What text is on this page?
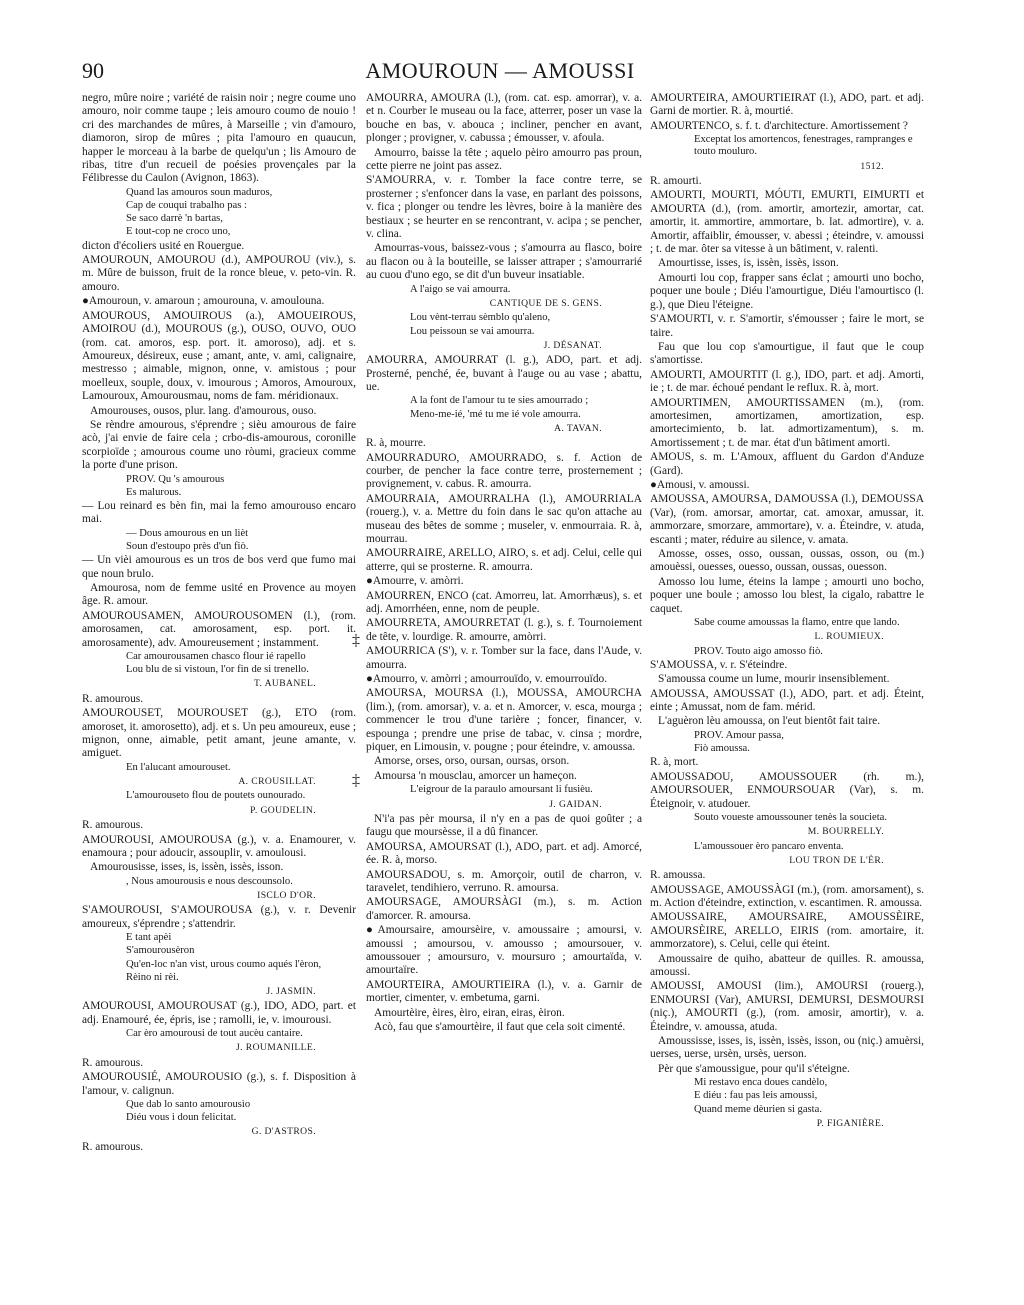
90	AMOUROUN — AMOUSSI
negro, mûre noire ; variété de raisin noir ; negre coume uno amouro, noir comme taupe ; leis amouro coumo de nouio ! cri des marchandes de mûres, à Marseille ; vin d'amouro, diamoron, sirop de mûres ; pita l'amouro en quaucun, happer le morceau à la barbe de quelqu'un ; lis Amouro de ribas, titre d'un recueil de poésies provençales par la Félibresse du Caulon (Avignon, 1863).
Quand las amouros soun maduros,
Cap de couqui trabalho pas :
Se saco darrè 'n bartas,
E tout-cop ne croco uno,
dicton d'écoliers usité en Rouergue.
AMOUROUN, AMOUROU (d.), AMPOUROU (viv.), s. m. Mûre de buisson, fruit de la ronce bleue, v. peto-vin. R. amouro.
●Amouroun, v. amaroun ; amourouna, v. amoulouna.
AMOUROUS, AMOUIROUS (a.), AMOUEIROUS, AMOIROU (d.), MOUROUS (g.), OUSO, OUVO, OUO (rom. cat. amoros, esp. port. it. amoroso), adj. et s. Amoureux, désireux, euse ; amant, ante, v. ami, calignaire, mestresso ; aimable, mignon, onne, v. amistous ; pour moelleux, souple, doux, v. imourous ; Amoros, Amouroux, Lamouroux, Amourousmau, noms de fam. méridionaux.
Amourouses, ousos, plur. lang. d'amourous, ouso.
Se rèndre amourous, s'éprendre ; sièu amourous de faire acò, j'ai envie de faire cela ; crbo-dis-amourous, coronille scorpioïde ; amourous coume uno ròumi, gracieux comme la porte d'une prison.
PROV. Qu 's amourous
Es malurous.
— Lou reinard es bèn fin, mai la femo amourouso encaro mai.
— Dous amourous en un lièt
Soun d'estoupo près d'un fiò.
— Un vièi amourous es un tros de bos verd que fumo mai que noun brulo.
Amourosa, nom de femme usité en Provence au moyen âge. R. amour.
AMOUROUSAMEN, AMOUROUSOMEN (l.), (rom. amorosamen, cat. amorosament, esp. port. it. amorosamente), adv. Amoureusement ; instamment.
Car amourousamen chasco flour ié rapello
Lou blu de si vistoun, l'or fin de si trenello.
T. AUBANEL.
R. amourous.
AMOUROUSET, MOUROUSET (g.), ETO (rom. amoroset, it. amorosetto), adj. et s. Un peu amoureux, euse ; mignon, onne, aimable, petit amant, jeune amante, v. amiguet.
En l'alucant amourouset.
A. CROUSILLAT.
L'amourouseto flou de poutets ounourado.
P. GOUDELIN.
R. amourous.
AMOUROUSI, AMOUROUSA (g.), v. a. Enamourer, v. enamoura ; pour adoucir, assouplir, v. amoulousi.
Amourousisse, isses, is, issèn, issès, isson.
, Nous amourousis e nous descounsolo.
ISCLO D'OR.
S'AMOUROUSI, S'AMOUROUSA (g.), v. r. Devenir amoureux, s'éprendre ; s'attendrir.
E tant apèi
S'amourousèron
Qu'en-loc n'an vist, urous coumo aqués l'èron,
Rèino ni rèi.
J. JASMIN.
AMOUROUSI, AMOUROUSAT (g.), IDO, ADO, part. et adj. Enamouré, ée, épris, ise ; ramolli, ie, v. imourousi.
Car èro amourousi de tout aucèu cantaire.
J. ROUMANILLE.
R. amourous.
AMOUROUSIÉ, AMOUROUSIO (g.), s. f. Disposition à l'amour, v. calignun.
Que dab lo santo amourousìo
Diéu vous i doun felicitat.
G. D'ASTROS.
R. amourous.
AMOURRA, AMOURA (l.), (rom. cat. esp. amorrar), v. a. et n. Courber le museau ou la face, atterrer, poser un vase la bouche en bas, v. abouca ; incliner, pencher en avant, plonger ; provigner, v. cabussa ; émousser, v. afoula.
Amourro, baisse la tête ; aquelo pèiro amourro pas proun, cette pierre ne joint pas assez.
S'AMOURRA, v. r. Tomber la face contre terre, se prosterner ; s'enfoncer dans la vase, en parlant des poissons, v. fica ; plonger ou tendre les lèvres, boire à la manière des bestiaux ; se heurter en se rencontrant, v. acipa ; se pencher, v. clina.
Amourras-vous, baissez-vous ; s'amourra au flasco, boire au flacon ou à la bouteille, se laisser attraper ; s'amourrarié au cuou d'uno ego, se dit d'un buveur insatiable.
A l'aigo se vai amourra.
CANTIQUE DE S. GENS.
Lou vènt-terrau sèmblo qu'aleno,
Lou peissoun se vai amourra.
J. DÉSANAT.
AMOURRA, AMOURRAT (l. g.), ADO, part. et adj. Prosterné, penché, ée, buvant à l'auge ou au vase ; abattu, ue.
A la font de l'amour tu te sies amourrado ;
Meno-me-ié, 'mé tu me ié vole amourra.
A. TAVAN.
R. à, mourre.
AMOURRADURO, AMOURRADO, s. f. Action de courber, de pencher la face contre terre, prosternement ; provignement, v. cabus. R. amourra.
AMOURRAIA, AMOURRALHA (l.), AMOURRIALA (rouerg.), v. a. Mettre du foin dans le sac qu'on attache au museau des bêtes de somme ; museler, v. enmourraia. R. à, mourrau.
AMOURRAIRE, ARELLO, AIRO, s. et adj. Celui, celle qui atterre, qui se prosterne. R. amourra.
●Amourre, v. amòrri.
AMOURREN, ENCO (cat. Amorreu, lat. Amorrhæus), s. et adj. Amorrhéen, enne, nom de peuple.
AMOURRETA, AMOURRETAT (l. g.), s. f. Tournoiement de tête, v. lourdige. R. amourre, amòrri.
AMOURRICA (S'), v. r. Tomber sur la face, dans l'Aude, v. amourra.
●Amourro, v. amòrri ; amourrouïdo, v. emourrouïdo.
AMOURSA, MOURSA (l.), MOUSSA, AMOURCHA (lim.), (rom. amorsar), v. a. et n. Amorcer, v. esca, mourga ; commencer le trou d'une tarière ; foncer, financer, v. espounga ; prendre une prise de tabac, v. cinsa ; mordre, piquer, en Limousin, v. pougne ; pour éteindre, v. amoussa.
Amorse, orses, orso, oursan, oursas, orson.
Amoursa 'n mousclau, amorcer un hameçon.
L'eigrour de la paraulo amoursant li fusièu.
J. GAIDAN.
N'i'a pas pèr moursa, il n'y en a pas de quoi goûter ; a faugu que moursèsse, il a dû financer.
AMOURSA, AMOURSAT (l.), ADO, part. et adj. Amorcé, ée. R. à, morso.
AMOURSADOU, s. m. Amorçoir, outil de charron, v. taravelet, tendihiero, verruno. R. amoursa.
AMOURSAGE, AMOURSÀGI (m.), s. m. Action d'amorcer. R. amoursa.
●Amoursaire, amoursèire, v. amoussaire ; amoursi, v. amoussi ; amoursou, v. amousso ; amoursouer, v. amoussouer ; amoursuro, v. moursuro ; amourtaïda, v. amourtaïre.
AMOURTEIRA, AMOURTIEIRA (l.), v. a. Garnir de mortier, cimenter, v. embetuma, garni.
Amourtèire, èires, èiro, eiran, eiras, èiron.
Acò, fau que s'amourtèire, il faut que cela soit cimenté.
AMOURTEIRA, AMOURTIEIRAT (l.), ADO, part. et adj. Garni de mortier. R. à, mourtié.
AMOURTENCO, s. f. t. d'architecture. Amortissement ?
Exceptat los amortencos, fenestrages, rampranges e touto mouluro.
1512.
R. amourti.
AMOURTI, MOURTI, MÓUTI, EMURTI, EIMURTI et AMOURTA (d.), (rom. amortir, amortezir, amortar, cat. amortir, it. ammortire, ammortare, b. lat. admortire), v. a. Amortir, affaiblir, émousser, v. abessi ; éteindre, v. amoussi ; t. de mar. ôter sa vitesse à un bâtiment, v. ralenti.
Amourtisse, isses, is, issèn, issès, isson.
Amourti lou cop, frapper sans éclat ; amourti uno bocho, poquer une boule ; Diéu l'amourtigue, Diéu l'amourtisco (l. g.), que Dieu l'éteigne.
S'AMOURTI, v. r. S'amortir, s'émousser ; faire le mort, se taire.
Fau que lou cop s'amourtigue, il faut que le coup s'amortisse.
AMOURTI, AMOURTIT (l. g.), IDO, part. et adj. Amorti, ie ; t. de mar. échoué pendant le reflux. R. à, mort.
AMOURTIMEN, AMOURTISSAMEN (m.), (rom. amortesimen, amortizamen, amortization, esp. amortecimiento, b. lat. admortizamentum), s. m. Amortissement ; t. de mar. état d'un bâtiment amorti.
AMOUS, s. m. L'Amoux, affluent du Gardon d'Anduze (Gard).
●Amousi, v. amoussi.
AMOUSSA, AMOURSA, DAMOUSSA (l.), DEMOUSSA (Var), (rom. amorsar, amortar, cat. amoxar, amussar, it. ammorzare, smorzare, ammortare), v. a. Éteindre, v. atuda, escanti ; mater, réduire au silence, v. amata.
Amosse, osses, osso, oussan, oussas, osson, ou (m.) amouèssi, ouesses, ouesso, oussan, oussas, ouesson.
Amosso lou lume, éteins la lampe ; amourti uno bocho, poquer une boule ; amosso lou blest, la cigalo, rabattre le caquet.
Sabe coume amoussas la flamo, entre que lando.
L. ROUMIEUX.
PROV. Touto aigo amosso fiò.
S'AMOUSSA, v. r. S'éteindre.
S'amoussa coume un lume, mourir insensiblement.
AMOUSSA, AMOUSSAT (l.), ADO, part. et adj. Éteint, einte ; Amussat, nom de fam. mérid.
L'aguèron lèu amoussa, on l'eut bientôt fait taire.
PROV. Amour passa,
Fiò amoussa.
R. à, mort.
AMOUSSADOU, AMOUSSOUER (rh. m.), AMOURSOUER, ENMOURSOUAR (Var), s. m. Éteignoir, v. atudouer.
Souto voueste amoussouner tenès la soucieta.
M. BOURRELLY.
L'amoussouer èro pancaro enventa.
LOU TRON DE L'ÈR.
R. amoussa.
AMOUSSAGE, AMOUSSÀGI (m.), (rom. amorsament), s. m. Action d'éteindre, extinction, v. escantimen. R. amoussa.
AMOUSSAIRE, AMOURSAIRE, AMOUSSÈIRE, AMOURSÈIRE, ARELLO, EIRIS (rom. amortaire, it. ammorzatore), s. Celui, celle qui éteint.
Amoussaire de quiho, abatteur de quilles. R. amoussa, amoussi.
AMOUSSI, AMOUSI (lim.), AMOURSI (rouerg.), ENMOURSI (Var), AMURSI, DEMURSI, DESMOURSI (niç.), AMOURTI (g.), (rom. amosir, amortir), v. a. Éteindre, v. amoussa, atuda.
Amoussisse, isses, is, issèn, issès, isson, ou (niç.) amuèrsi, uerses, uerse, ursèn, ursès, uerson.
Pèr que s'amoussigue, pour qu'il s'éteigne.
Mi restavo enca doues candèlo,
E diéu : fau pas leis amoussi,
Quand meme dèurien si gasta.
P. FIGANIÈRE.
‡
‡
